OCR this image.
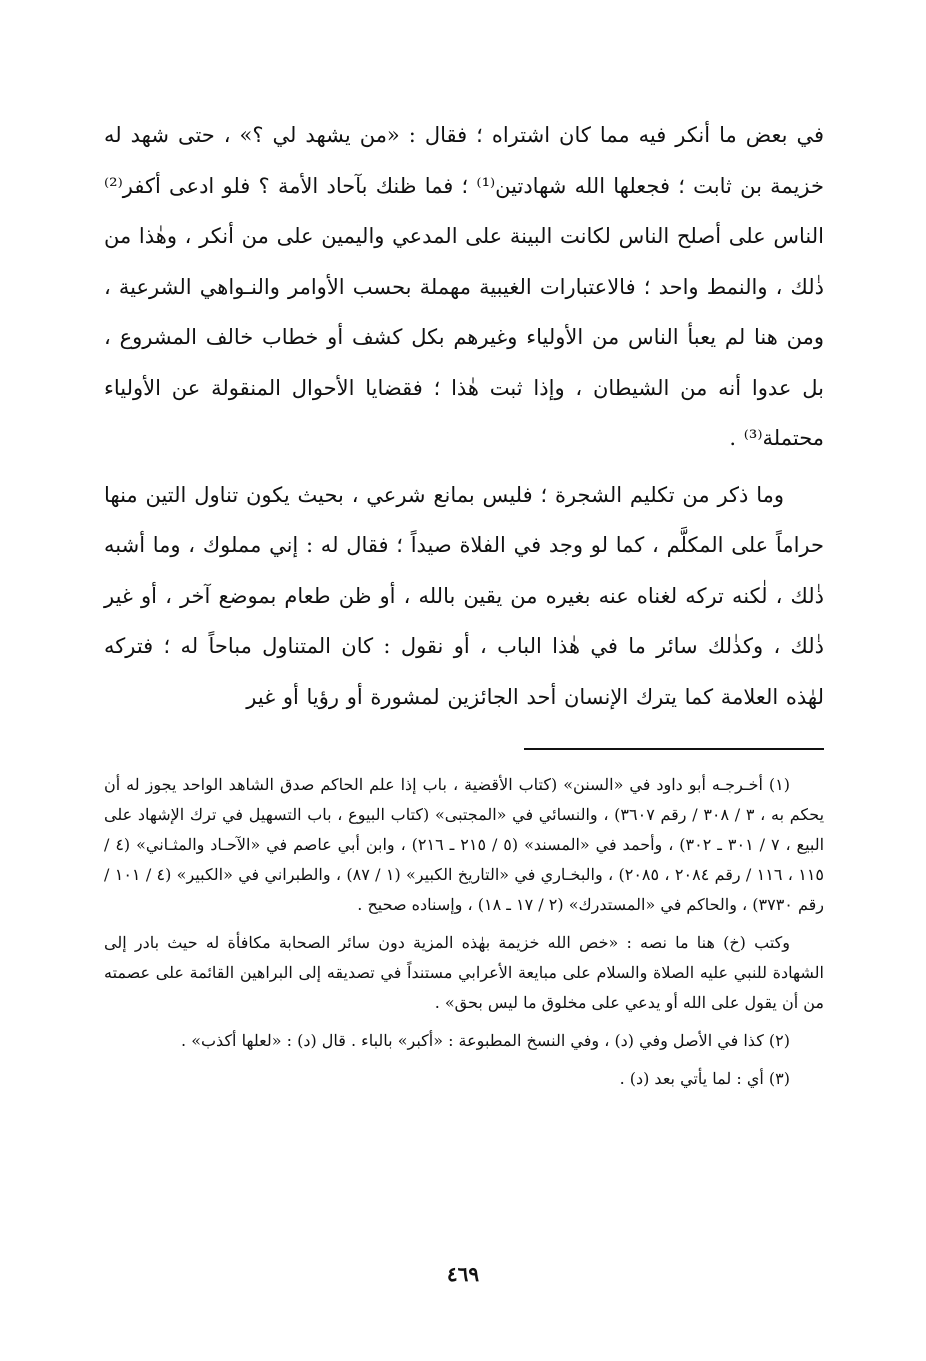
في بعض ما أنكر فيه مما كان اشتراه ؛ فقال : «من يشهد لي ؟» ، حتى شهد له خزيمة بن ثابت ؛ فجعلها الله شهادتين⁽¹⁾ ؛ فما ظنك بآحاد الأمة ؟ فلو ادعى أكفر⁽²⁾ الناس على أصلح الناس لكانت البينة على المدعي واليمين على من أنكر ، وهٰذا من ذٰلك ، والنمط واحد ؛ فالاعتبارات الغيبية مهملة بحسب الأوامر والنـواهي الشرعية ، ومن هنا لم يعبأ الناس من الأولياء وغيرهم بكل كشف أو خطاب خالف المشروع ، بل عدوا أنه من الشيطان ، وإذا ثبت هٰذا ؛ فقضايا الأحوال المنقولة عن الأولياء محتملة⁽³⁾ .

وما ذكر من تكليم الشجرة ؛ فليس بمانع شرعي ، بحيث يكون تناول التين منها حراماً على المكلَّم ، كما لو وجد في الفلاة صيداً ؛ فقال له : إني مملوك ، وما أشبه ذٰلك ، لٰكنه تركه لغناه عنه بغيره من يقين بالله ، أو ظن طعام بموضع آخر ، أو غير ذٰلك ، وكذٰلك سائر ما في هٰذا الباب ، أو نقول : كان المتناول مباحاً له ؛ فتركه لهٰذه العلامة كما يترك الإنسان أحد الجائزين لمشورة أو رؤيا أو غير

(١) أخـرجـه أبو داود في «السنن» (كتاب الأقضية ، باب إذا علم الحاكم صدق الشاهد الواحد يجوز له أن يحكم به ، ٣ / ٣٠٨ / رقم ٣٦٠٧) ، والنسائي في «المجتبى» (كتاب البيوع ، باب التسهيل في ترك الإشهاد على البيع ، ٧ / ٣٠١ ـ ٣٠٢) ، وأحمد في «المسند» (٥ / ٢١٥ ـ ٢١٦) ، وابن أبي عاصم في «الآحـاد والمثـاني» (٤ / ١١٥ ، ١١٦ / رقم ٢٠٨٤ ، ٢٠٨٥) ، والبخـاري في «التاريخ الكبير» (١ / ٨٧) ، والطبراني في «الكبير» (٤ / ١٠١ / رقم ٣٧٣٠) ، والحاكم في «المستدرك» (٢ / ١٧ ـ ١٨) ، وإسناده صحيح .

وكتب (خ) هنا ما نصه : «خص الله خزيمة بهٰذه المزية دون سائر الصحابة مكافأة له حيث بادر إلى الشهادة للنبي عليه الصلاة والسلام على مبايعة الأعرابي مستنداً في تصديقه إلى البراهين القائمة على عصمته من أن يقول على الله أو يدعي على مخلوق ما ليس بحق» .

(٢) كذا في الأصل وفي (د) ، وفي النسخ المطبوعة : «أكبر» بالباء . قال (د) : «لعلها أكذب» .

(٣) أي : لما يأتي بعد (د) .

٤٦٩
